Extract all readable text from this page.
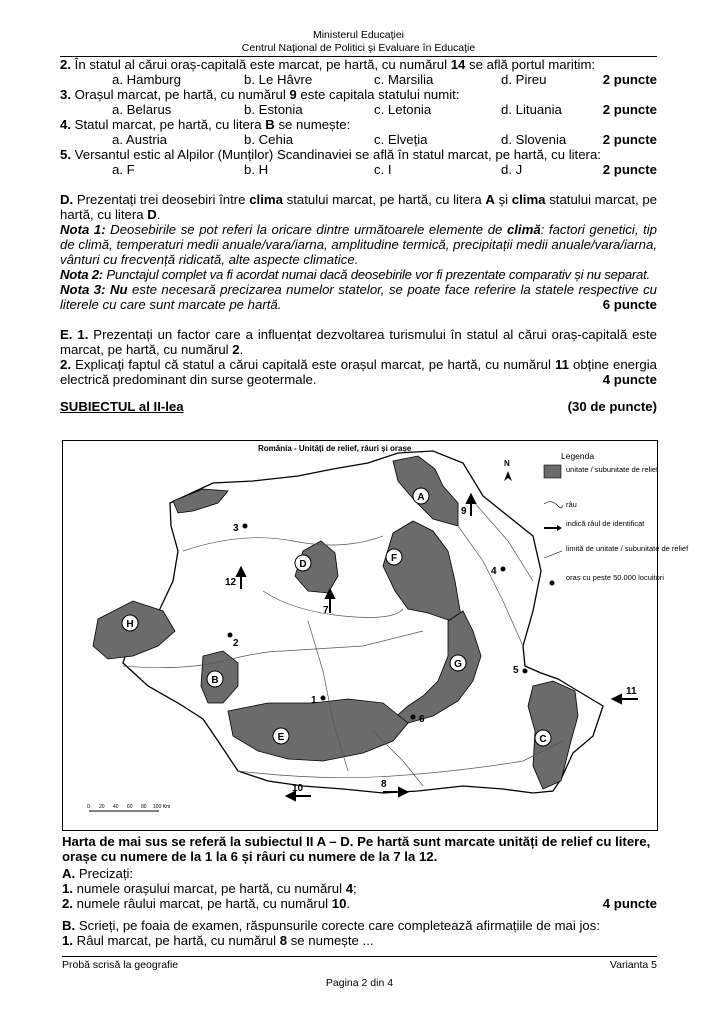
Ministerul Educaţiei
Centrul Naţional de Politici şi Evaluare în Educaţie
2. În statul al cărui oraș-capitală este marcat, pe hartă, cu numărul 14 se află portul maritim:
a. Hamburg	b. Le Hâvre	c. Marsilia	d. Pireu	2 puncte
3. Orașul marcat, pe hartă, cu numărul 9 este capitala statului numit:
a. Belarus	b. Estonia	c. Letonia	d. Lituania	2 puncte
4. Statul marcat, pe hartă, cu litera B se numește:
a. Austria	b. Cehia	c. Elveția	d. Slovenia	2 puncte
5. Versantul estic al Alpilor (Munților) Scandinaviei se află în statul marcat, pe hartă, cu litera:
a. F	b. H	c. I	d. J	2 puncte
D. Prezentați trei deosebiri între clima statului marcat, pe hartă, cu litera A și clima statului marcat, pe hartă, cu litera D.
Nota 1: Deosebirile se pot referi la oricare dintre următoarele elemente de climă: factori genetici, tip de climă, temperaturi medii anuale/vara/iarna, amplitudine termică, precipitații medii anuale/vara/iarna, vânturi cu frecvență ridicată, alte aspecte climatice.
Nota 2: Punctajul complet va fi acordat numai dacă deosebirile vor fi prezentate comparativ și nu separat.
Nota 3: Nu este necesară precizarea numelor statelor, se poate face referire la statele respective cu literele cu care sunt marcate pe hartă.	6 puncte
E. 1. Prezentați un factor care a influențat dezvoltarea turismului în statul al cărui oraș-capitală este marcat, pe hartă, cu numărul 2.
2. Explicați faptul că statul a cărui capitală este orașul marcat, pe hartă, cu numărul 11 obține energia electrică predominant din surse geotermale.	4 puncte
SUBIECTUL al II-lea	(30 de puncte)
România - Unități de relief, râuri și orașe
A
B
C
D
E
F
G
H
1
2
3
4
5
6
7
8
9
10
11
12
N
Legenda
unitate / subunitate de relief
râu
indică râul de identificat
limită de unitate / subunitate de relief
oraș cu peste 50.000 locuitori
0 20 40 60 80 100 Km
Harta de mai sus se referă la subiectul II A – D. Pe hartă sunt marcate unități de relief cu litere,
orașe cu numere de la 1 la 6 și râuri cu numere de la 7 la 12.
A. Precizați:
1. numele orașului marcat, pe hartă, cu numărul 4;
2. numele râului marcat, pe hartă, cu numărul 10.	4 puncte
B. Scrieți, pe foaia de examen, răspunsurile corecte care completează afirmațiile de mai jos:
1. Râul marcat, pe hartă, cu numărul 8 se numește ...
Probă scrisă la geografie	Varianta 5
Pagina 2 din 4
